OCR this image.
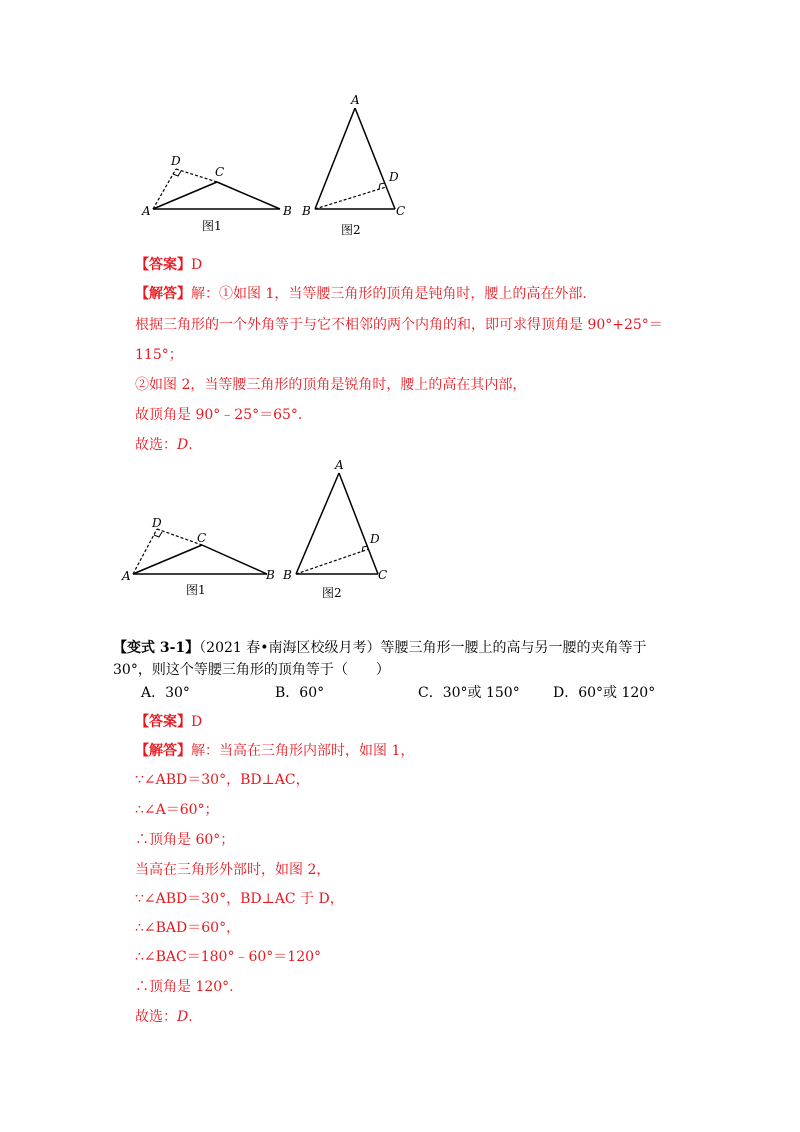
D
C
A	B
图1
A
D
B	C
图2
【答案】D
【解答】解：①如图 1，当等腰三角形的顶角是钝角时，腰上的高在外部.
根据三角形的一个外角等于与它不相邻的两个内角的和，即可求得顶角是 90°+25°＝
115°；
②如图 2，当等腰三角形的顶角是锐角时，腰上的高在其内部，
故顶角是 90°﹣25°＝65°.
故选：D.
D
C
A	B
图1
A
D
B	C
图2
【变式 3-1】（2021 春•南海区校级月考）等腰三角形一腰上的高与另一腰的夹角等于
30°，则这个等腰三角形的顶角等于（　　）
A．30°	B．60°	C．30°或 150° D．60°或 120°
【答案】D
【解答】解：当高在三角形内部时，如图 1，
∵∠ABD＝30°，BD⊥AC，
∴∠A＝60°；
∴顶角是 60°；
当高在三角形外部时，如图 2，
∵∠ABD＝30°，BD⊥AC 于 D，
∴∠BAD＝60°，
∴∠BAC＝180°﹣60°＝120°
∴顶角是 120°.
故选：D.
